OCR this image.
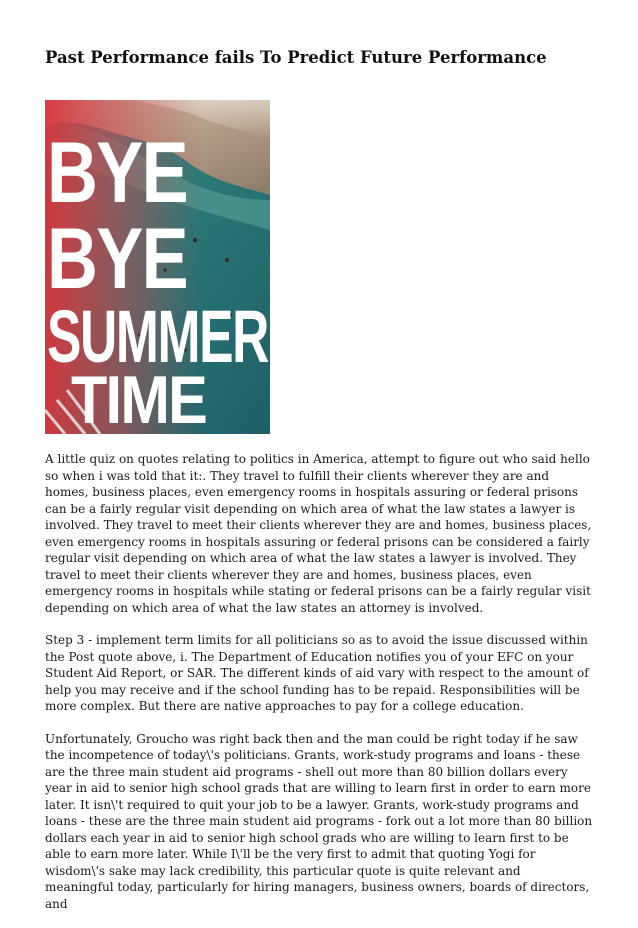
Past Performance fails To Predict Future Performance
BYE
BYE
SUMMER
TIME

A little quiz on quotes relating to politics in America, attempt to figure out who said hello so when i was told that it:. They travel to fulfill their clients wherever they are and homes, business places, even emergency rooms in hospitals assuring or federal prisons can be a fairly regular visit depending on which area of what the law states a lawyer is involved. They travel to meet their clients wherever they are and homes, business places, even emergency rooms in hospitals assuring or federal prisons can be considered a fairly regular visit depending on which area of what the law states a lawyer is involved. They travel to meet their clients wherever they are and homes, business places, even emergency rooms in hospitals while stating or federal prisons can be a fairly regular visit depending on which area of what the law states an attorney is involved.

Step 3 - implement term limits for all politicians so as to avoid the issue discussed within the Post quote above, i. The Department of Education notifies you of your EFC on your Student Aid Report, or SAR. The different kinds of aid vary with respect to the amount of help you may receive and if the school funding has to be repaid. Responsibilities will be more complex. But there are native approaches to pay for a college education.

Unfortunately, Groucho was right back then and the man could be right today if he saw the incompetence of today\'s politicians. Grants, work-study programs and loans - these are the three main student aid programs - shell out more than 80 billion dollars every year in aid to senior high school grads that are willing to learn first in order to earn more later. It isn\'t required to quit your job to be a lawyer. Grants, work-study programs and loans - these are the three main student aid programs - fork out a lot more than 80 billion dollars each year in aid to senior high school grads who are willing to learn first to be able to earn more later. While I\'ll be the very first to admit that quoting Yogi for wisdom\'s sake may lack credibility, this particular quote is quite relevant and meaningful today, particularly for hiring managers, business owners, boards of directors, and
